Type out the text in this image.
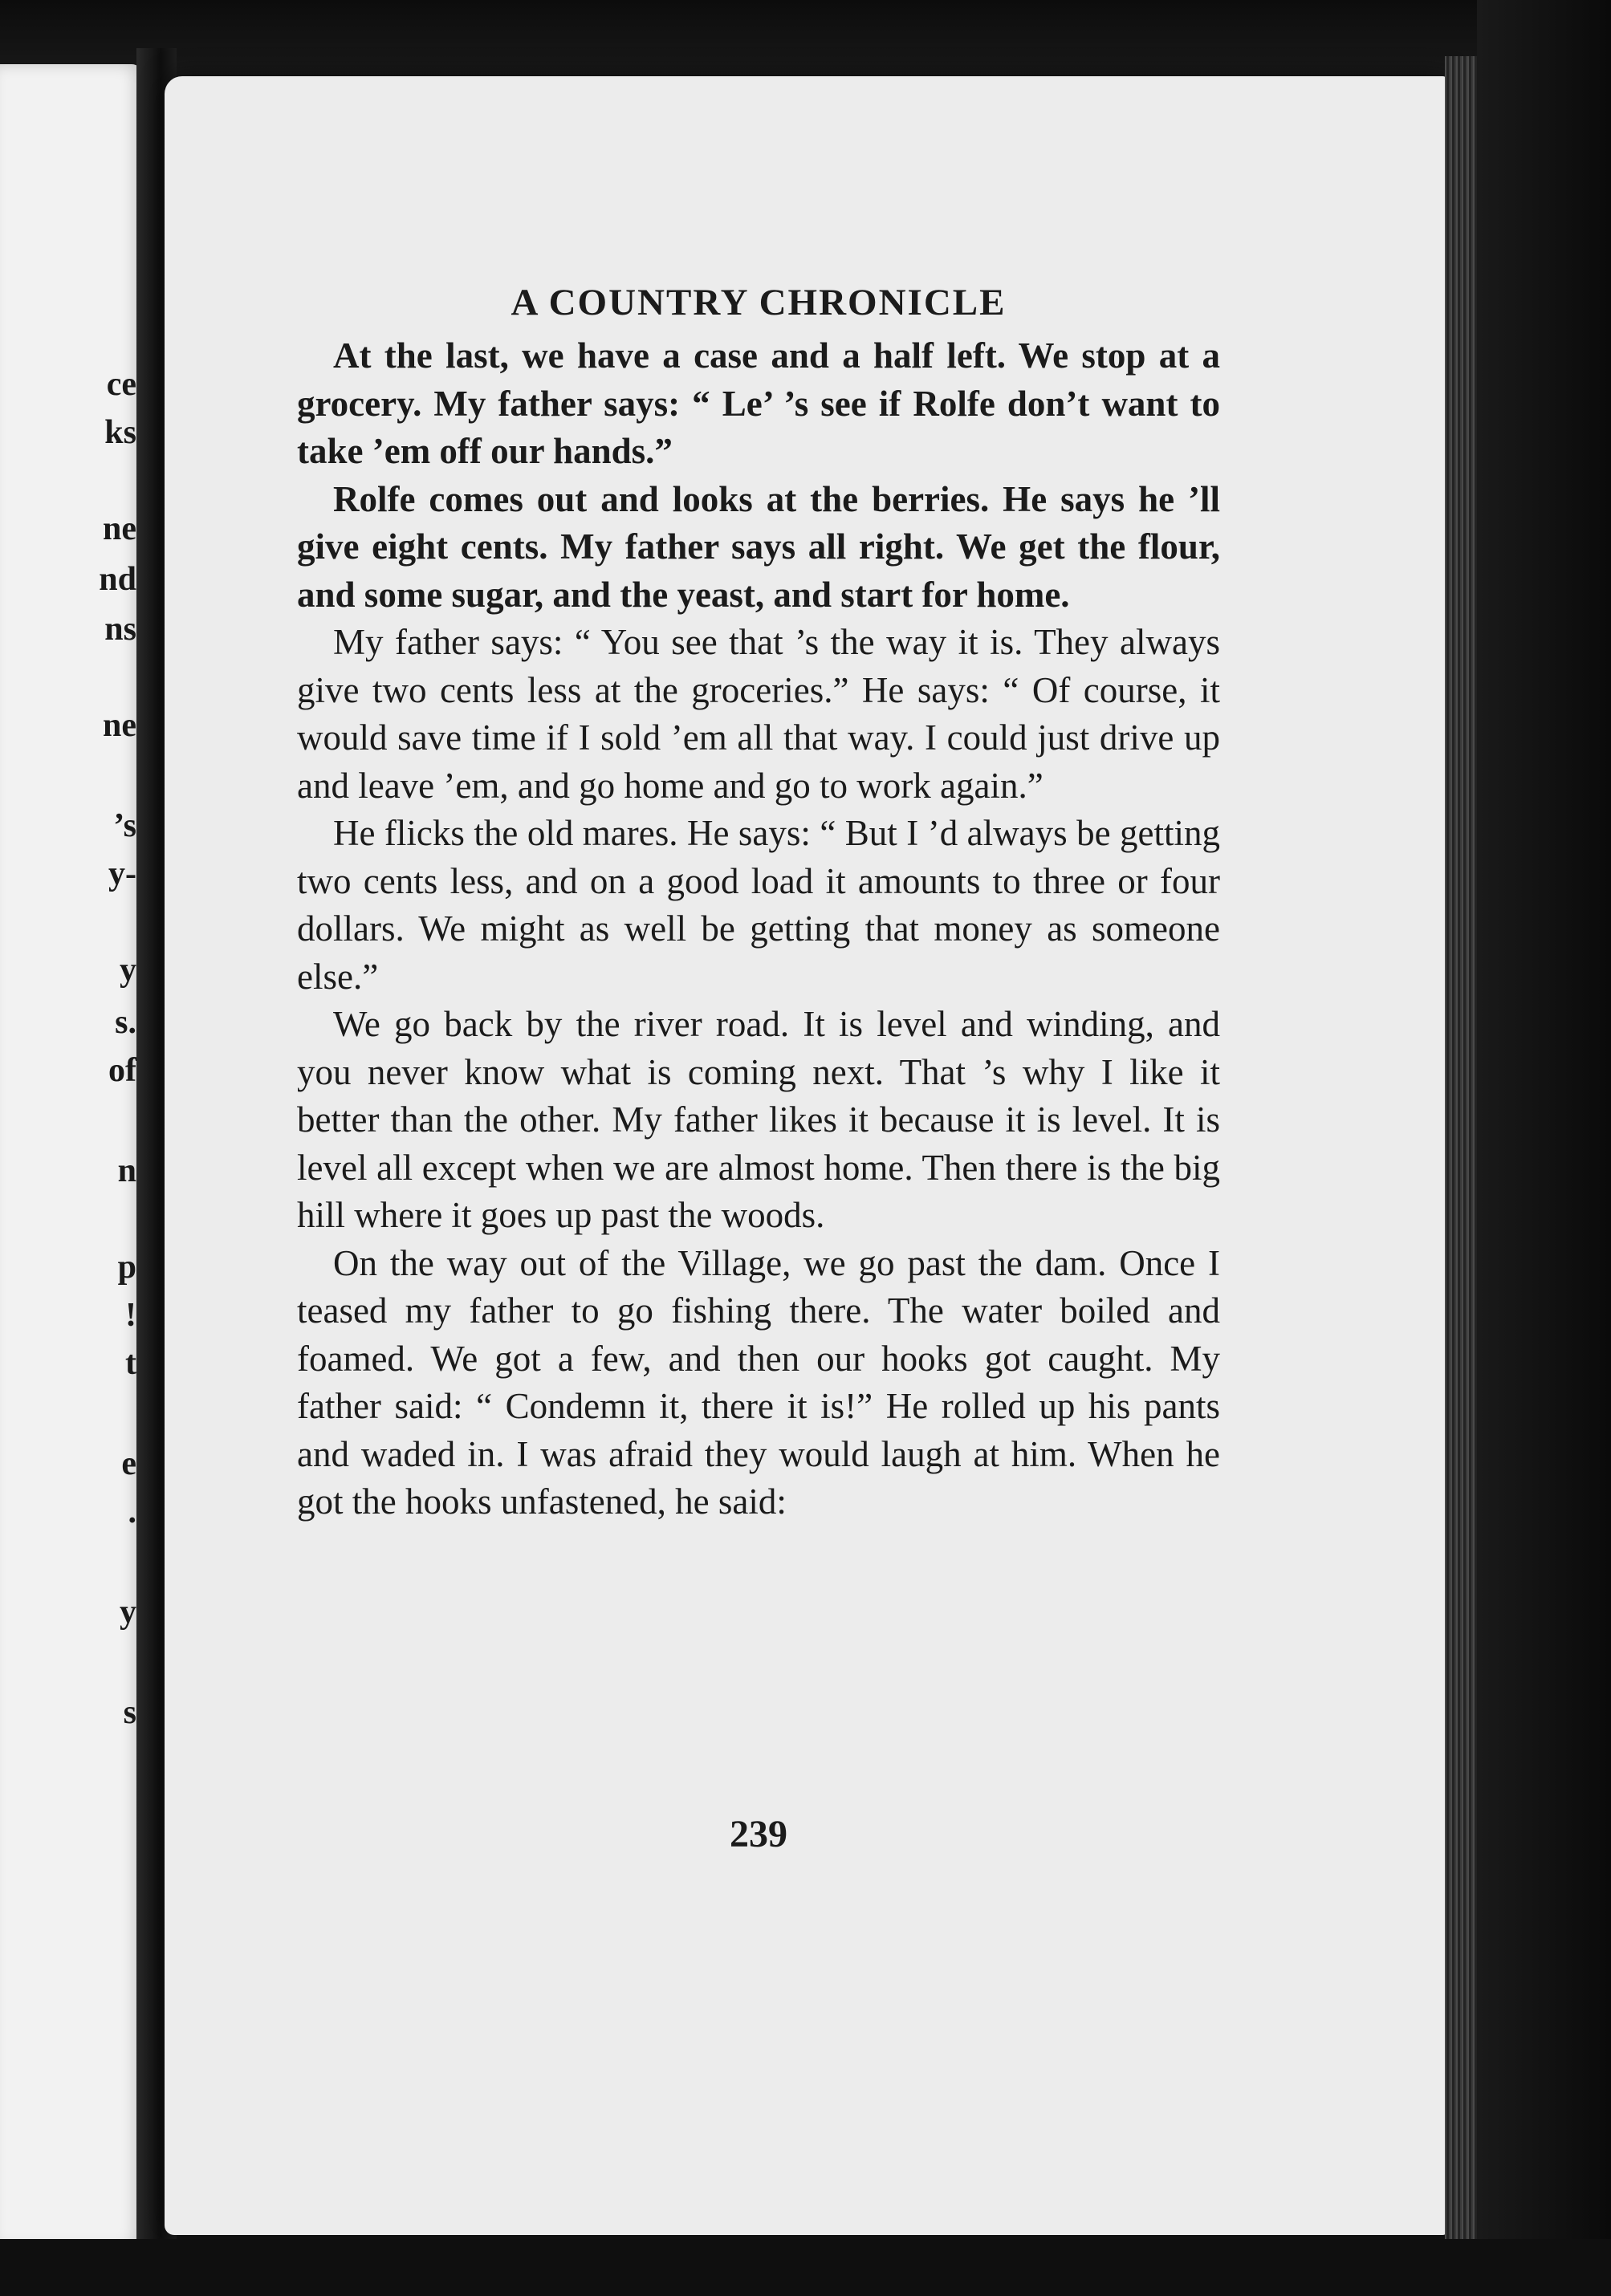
ce
ks
ne
nd
ns
ne
’s
y-
y
s.
of
n
p
!
t
e
.
y
s
A COUNTRY CHRONICLE

At the last, we have a case and a half left. We stop at a grocery. My father says: “ Le’ ’s see if Rolfe don’t want to take ’em off our hands.”

Rolfe comes out and looks at the berries. He says he ’ll give eight cents. My father says all right. We get the flour, and some sugar, and the yeast, and start for home.

My father says: “ You see that ’s the way it is. They always give two cents less at the groceries.” He says: “ Of course, it would save time if I sold ’em all that way. I could just drive up and leave ’em, and go home and go to work again.”

He flicks the old mares. He says: “ But I ’d always be getting two cents less, and on a good load it amounts to three or four dollars. We might as well be getting that money as someone else.”

We go back by the river road. It is level and winding, and you never know what is coming next. That ’s why I like it better than the other. My father likes it because it is level. It is level all except when we are almost home. Then there is the big hill where it goes up past the woods.

On the way out of the Village, we go past the dam. Once I teased my father to go fishing there. The water boiled and foamed. We got a few, and then our hooks got caught. My father said: “ Condemn it, there it is!” He rolled up his pants and waded in. I was afraid they would laugh at him. When he got the hooks unfastened, he said:

239
